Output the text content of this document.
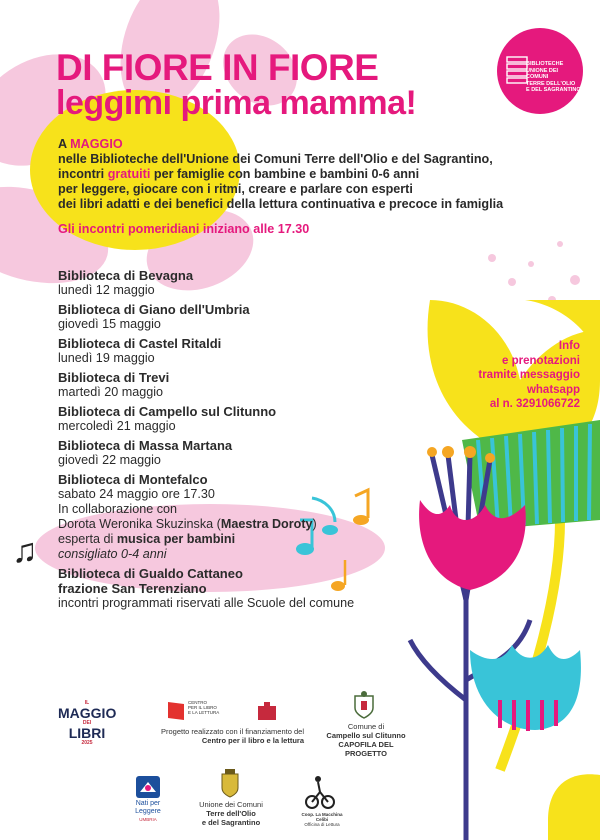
DI FIORE IN FIORE
leggimi prima mamma!
BIBLIOTECHE
UNIONE DEI COMUNI
TERRE DELL'OLIO
E DEL SAGRANTINO
A MAGGIO
nelle Biblioteche dell'Unione dei Comuni Terre dell'Olio e del Sagrantino,
incontri gratuiti per famiglie con bambine e bambini 0-6 anni
per leggere, giocare con i ritmi, creare e parlare con esperti
dei libri adatti e dei benefici della lettura continuativa e precoce in famiglia
Gli incontri pomeridiani iniziano alle 17.30
Biblioteca di Bevagna
lunedì 12 maggio
Biblioteca di Giano dell'Umbria
giovedì 15 maggio
Biblioteca di Castel Ritaldi
lunedì 19 maggio
Biblioteca di Trevi
martedì 20 maggio
Biblioteca di Campello sul Clitunno
mercoledì 21 maggio
Biblioteca di Massa Martana
giovedì 22 maggio
Biblioteca di Montefalco
sabato 24 maggio ore 17.30
In collaborazione con
Dorota Weronika Skuzinska (Maestra Doroty)
esperta di musica per bambini
consigliato 0-4 anni
Biblioteca di Gualdo Cattaneo
frazione San Terenziano
incontri programmati riservati alle Scuole del comune
Info
e prenotazioni
tramite messaggio
whatsapp
al n. 3291066722
♫
IL
MAGGIO
DEI
LIBRI
2025
CENTRO
PER IL LIBRO
E LA LETTURA
Progetto realizzato con il finanziamento del
Centro per il libro e la lettura
Comune di
Campello sul Clitunno
CAPOFILA DEL PROGETTO
Nati per
Leggere
UMBRIA
Unione dei Comuni
Terre dell'Olio
e del Sagrantino
Coop. La Macchina Celibi
Officina di Lettura
